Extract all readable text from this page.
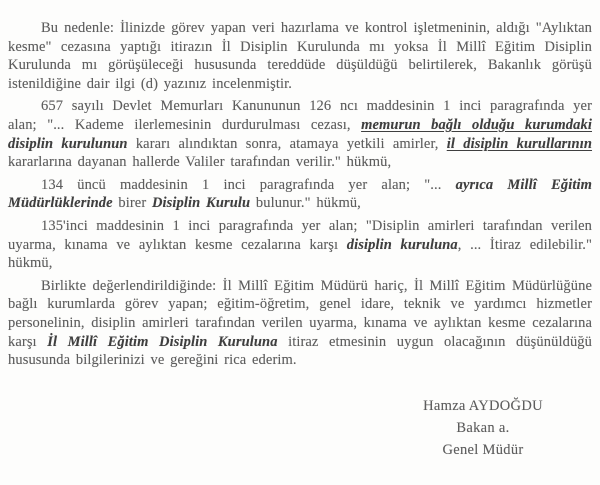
Bu nedenle: İlinizde görev yapan veri hazırlama ve kontrol işletmeninin, aldığı "Aylıktan kesme" cezasına yaptığı itirazın İl Disiplin Kurulunda mı yoksa İl Millî Eğitim Disiplin Kurulunda mı görüşüleceği hususunda tereddüde düşüldüğü belirtilerek, Bakanlık görüşü istenildiğine dair ilgi (d) yazınız incelenmiştir.

657 sayılı Devlet Memurları Kanununun 126 ncı maddesinin 1 inci paragrafında yer alan; "... Kademe ilerlemesinin durdurulması cezası, memurun bağlı olduğu kurumdaki disiplin kurulunun kararı alındıktan sonra, atamaya yetkili amirler, il disiplin kurullarının kararlarına dayanan hallerde Valiler tarafından verilir." hükmü,

134 üncü maddesinin 1 inci paragrafında yer alan; "... ayrıca Millî Eğitim Müdürlüklerinde birer Disiplin Kurulu bulunur." hükmü,

135'inci maddesinin 1 inci paragrafında yer alan; "Disiplin amirleri tarafından verilen uyarma, kınama ve aylıktan kesme cezalarına karşı disiplin kuruluna, ... İtiraz edilebilir." hükmü,

Birlikte değerlendirildiğinde: İl Millî Eğitim Müdürü hariç, İl Millî Eğitim Müdürlüğüne bağlı kurumlarda görev yapan; eğitim-öğretim, genel idare, teknik ve yardımcı hizmetler personelinin, disiplin amirleri tarafından verilen uyarma, kınama ve aylıktan kesme cezalarına karşı İl Millî Eğitim Disiplin Kuruluna itiraz etmesinin uygun olacağının düşünüldüğü hususunda bilgilerinizi ve gereğini rica ederim.

Hamza AYDOĞDU
Bakan a.
Genel Müdür
